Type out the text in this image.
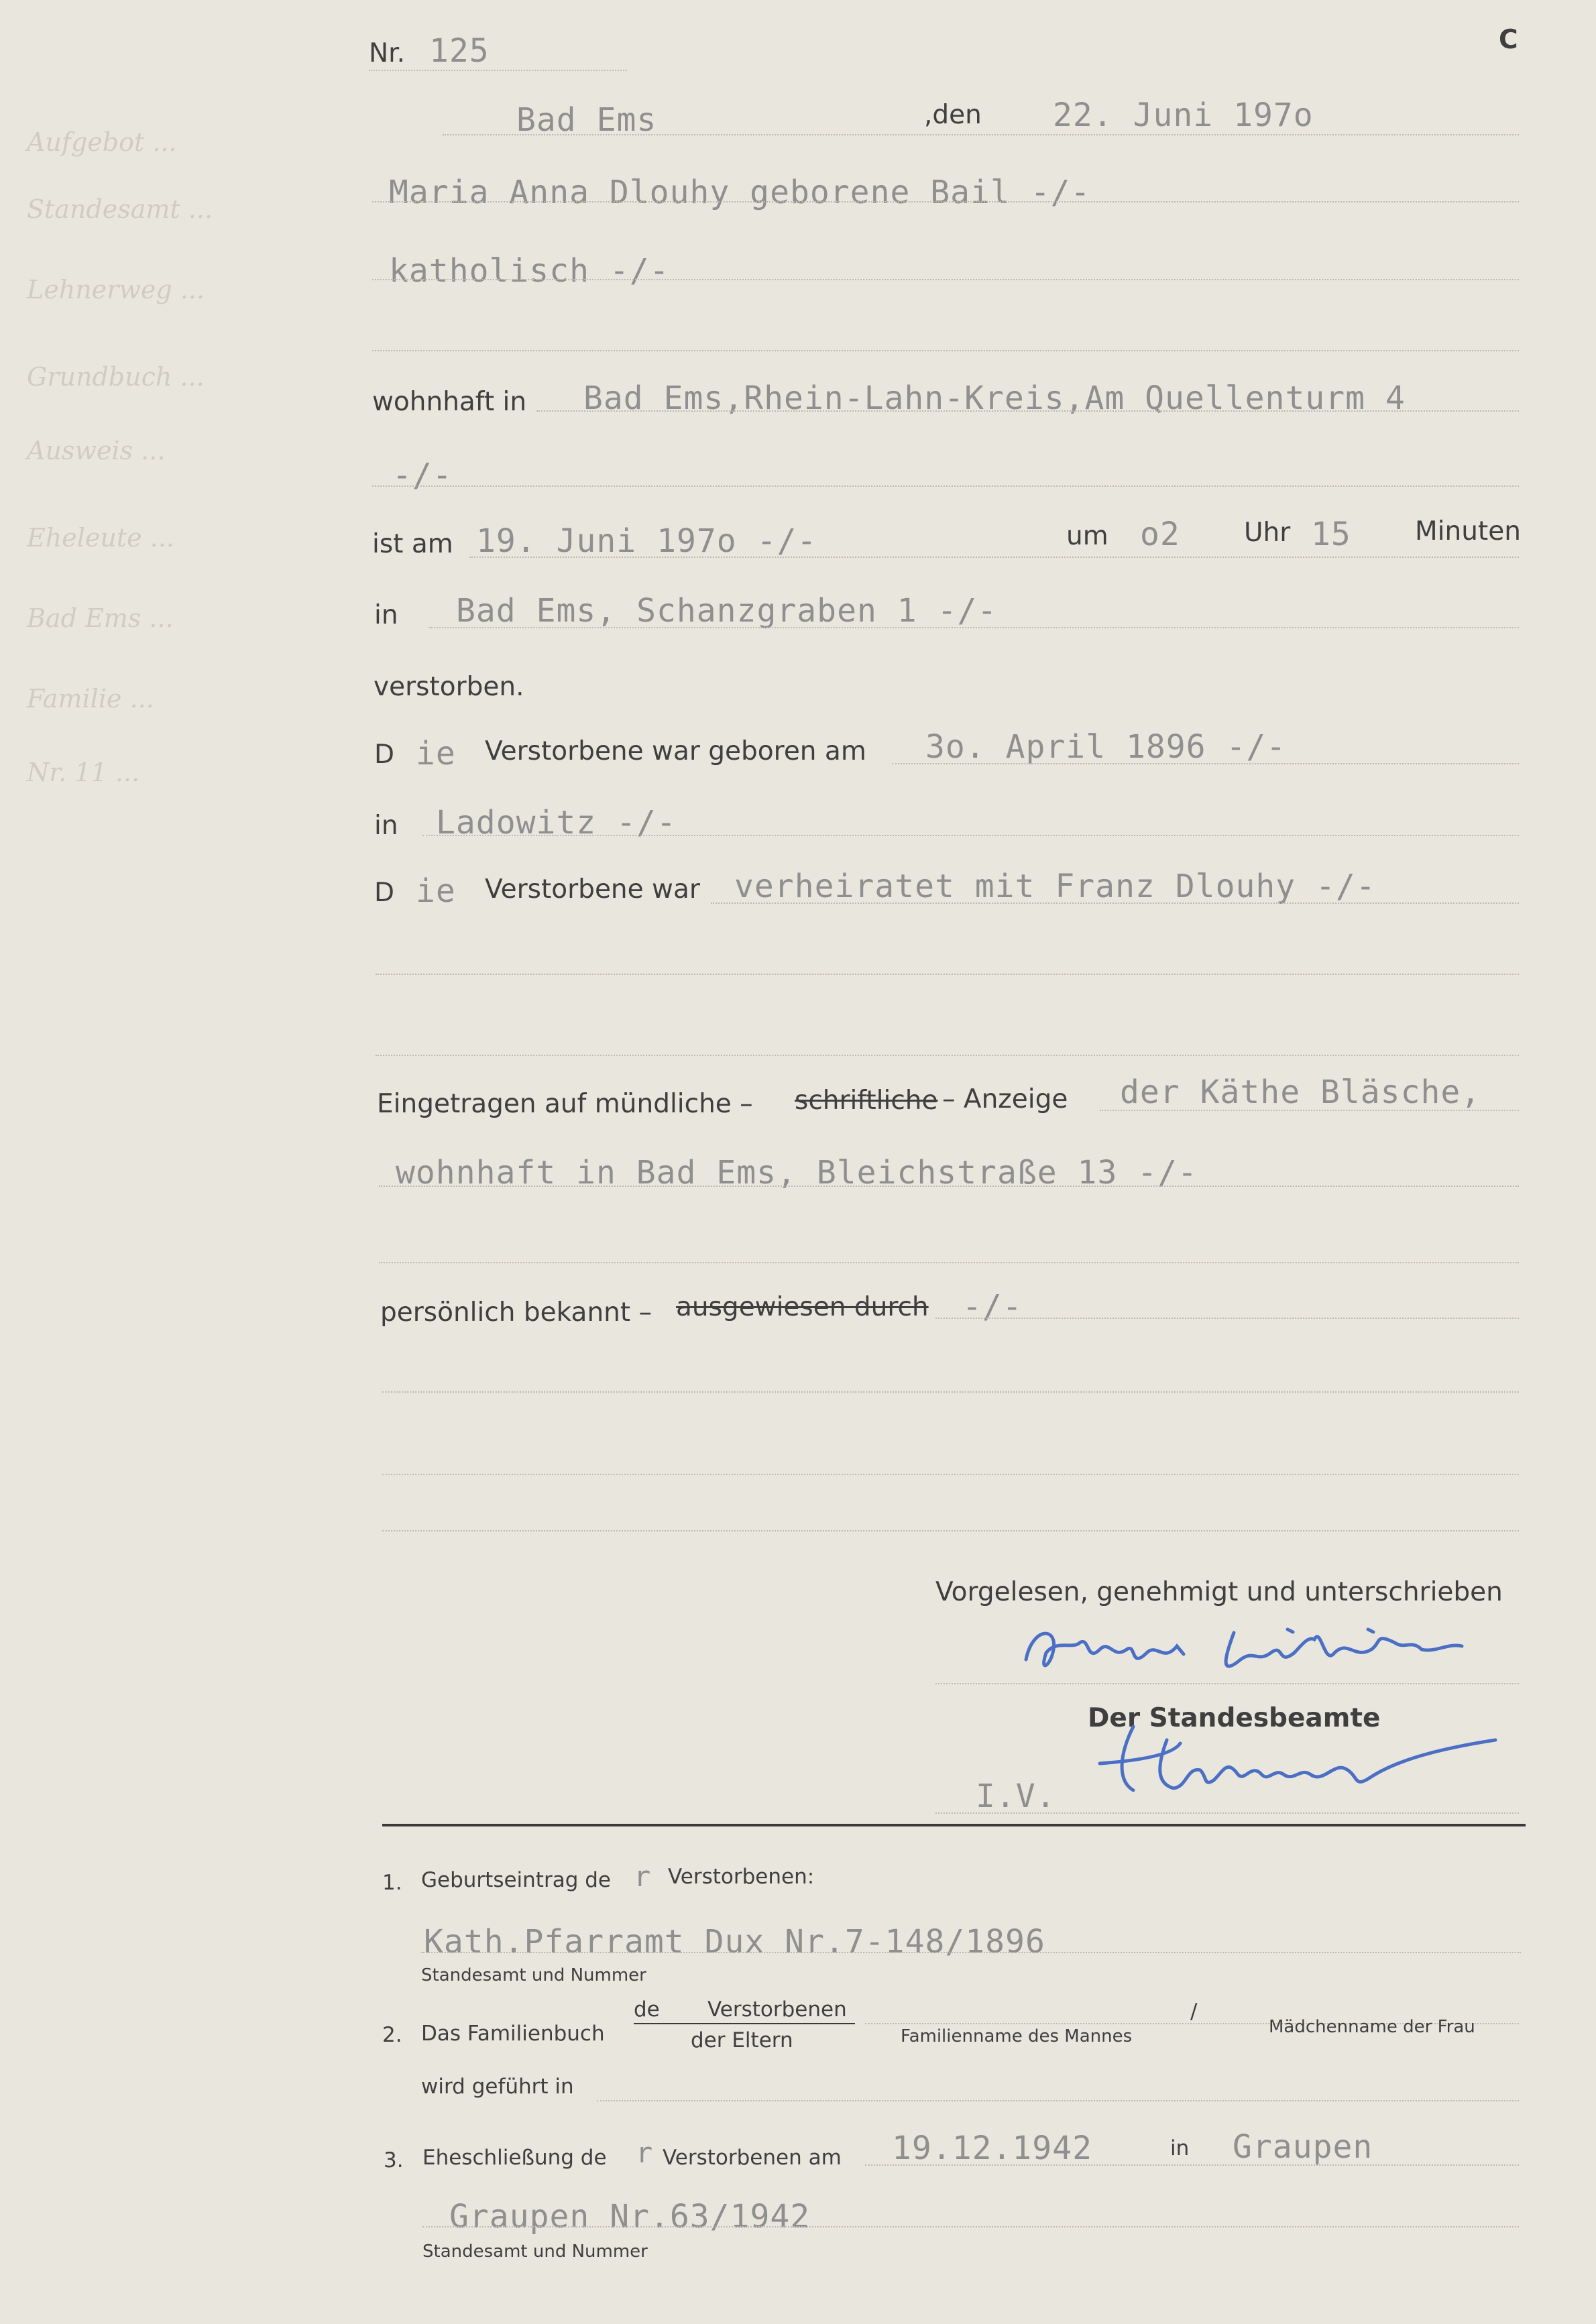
Aufgebot ...
Standesamt ...
Lehnerweg ...
Grundbuch ...
Ausweis ...
Eheleute ...
Bad Ems ...
Familie ...
Nr. 11 ...
C
Nr. 125
Bad Ems	,den 22. Juni 197o
Maria Anna Dlouhy geborene Bail -/-
katholisch -/-
wohnhaft in Bad Ems,Rhein-Lahn-Kreis,Am Quellenturm 4
-/-
ist am 19. Juni 197o -/-	um o2 Uhr 15 Minuten
in Bad Ems, Schanzgraben 1 -/-
verstorben.
D ie Verstorbene war geboren am 3o. April 1896 -/-
in Ladowitz -/-
D ie Verstorbene war verheiratet mit Franz Dlouhy -/-
Eingetragen auf mündliche – schriftliche – Anzeige der Käthe Bläsche,
wohnhaft in Bad Ems, Bleichstraße 13 -/-
persönlich bekannt – ausgewiesen durch -/-
Vorgelesen, genehmigt und unterschrieben
Der Standesbeamte
I.V.
1. Geburtseintrag de r Verstorbenen:
Kath.Pfarramt Dux Nr.7-148/1896
Standesamt und Nummer
2. Das Familienbuch
de Verstorbenen
der Eltern
/
Familienname des Mannes	Mädchenname der Frau
wird geführt in
3. Eheschließung de r Verstorbenen am 19.12.1942	in Graupen
Graupen Nr.63/1942
Standesamt und Nummer
